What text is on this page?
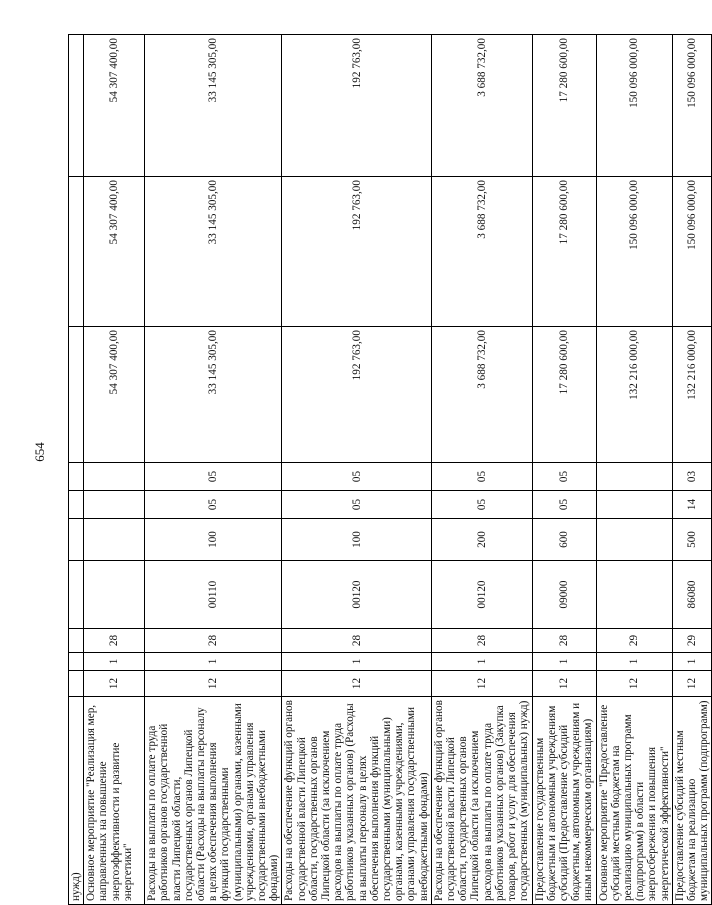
654
нужд)										
Основное мероприятие "Реализация мер, направленных на повышение энергоэффективности и развитие энергетики"	12	1	28					54 307 400,00	54 307 400,00	54 307 400,00
Расходы на выплаты по оплате труда работников органов государственной власти Липецкой области, государственных органов Липецкой области (Расходы на выплаты персоналу в целях обеспечения выполнения функций государственными (муниципальными) органами, казенными учреждениями, органами управления государственными внебюджетными фондами)	12	1	28	00110	100	05	05	33 145 305,00	33 145 305,00	33 145 305,00
Расходы на обеспечение функций органов государственной власти Липецкой области, государственных органов Липецкой области (за исключением расходов на выплаты по оплате труда работников указанных органов) (Расходы на выплаты персоналу в целях обеспечения выполнения функций государственными (муниципальными) органами, казенными учреждениями, органами управления государственными внебюджетными фондами)	12	1	28	00120	100	05	05	192 763,00	192 763,00	192 763,00
Расходы на обеспечение функций органов государственной власти Липецкой области, государственных органов Липецкой области (за исключением расходов на выплаты по оплате труда работников указанных органов) (Закупка товаров, работ и услуг для обеспечения государственных (муниципальных) нужд)	12	1	28	00120	200	05	05	3 688 732,00	3 688 732,00	3 688 732,00
Предоставление государственным бюджетным и автономным учреждениям субсидий (Предоставление субсидий бюджетным, автономным учреждениям и иным некоммерческим организациям)	12	1	28	09000	600	05	05	17 280 600,00	17 280 600,00	17 280 600,00
Основное мероприятие "Предоставление субсидий местным бюджетам на реализацию муниципальных программ (подпрограмм) в области энергосбережения и повышения энергетической эффективности"	12	1	29					132 216 000,00	150 096 000,00	150 096 000,00
Предоставление субсидий местным бюджетам на реализацию муниципальных программ (подпрограмм)	12	1	29	86080	500	14	03	132 216 000,00	150 096 000,00	150 096 000,00
